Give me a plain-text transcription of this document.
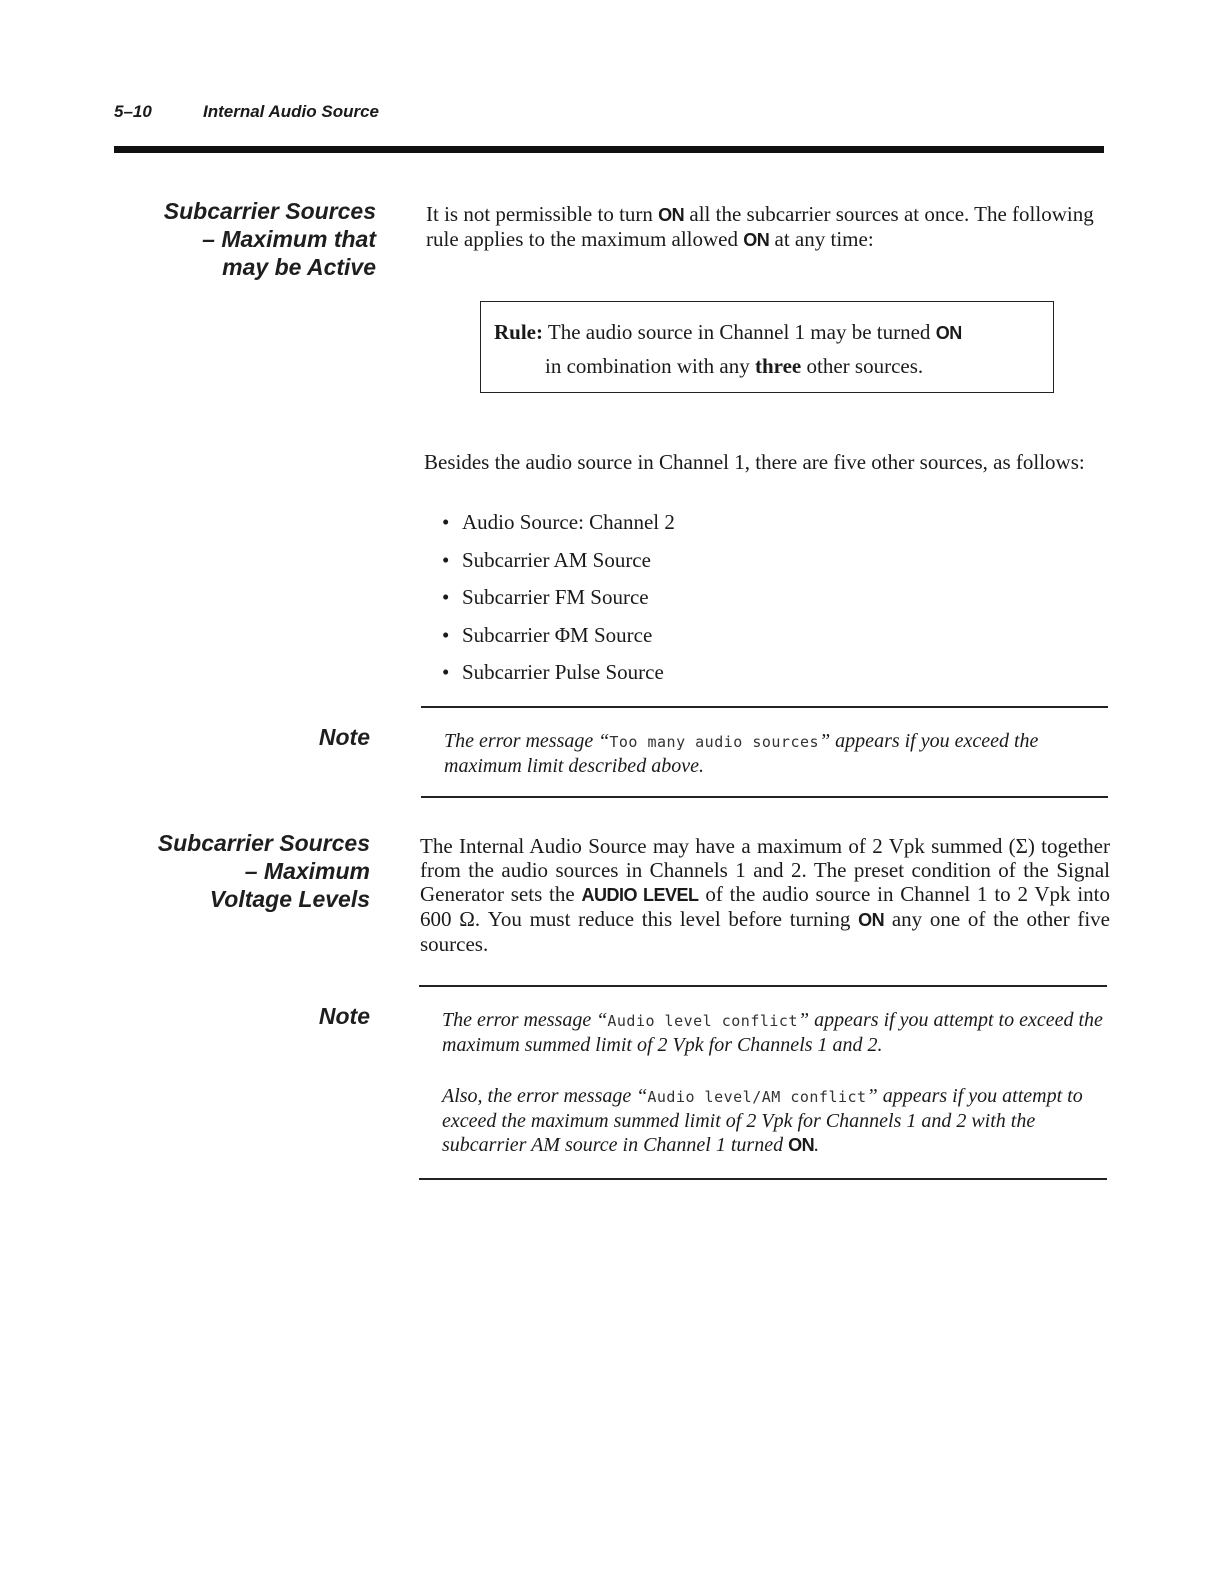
5–10	Internal Audio Source
Subcarrier Sources
– Maximum that
may be Active
It is not permissible to turn ON all the subcarrier sources at once. The following rule applies to the maximum allowed ON at any time:
Rule: The audio source in Channel 1 may be turned ON
in combination with any three other sources.
Besides the audio source in Channel 1, there are five other sources, as follows:
• Audio Source: Channel 2
• Subcarrier AM Source
• Subcarrier FM Source
• Subcarrier ΦM Source
• Subcarrier Pulse Source
Note	The error message “Too many audio sources” appears if you exceed the maximum limit described above.
Subcarrier Sources
– Maximum
Voltage Levels
The Internal Audio Source may have a maximum of 2 Vpk summed (Σ) together from the audio sources in Channels 1 and 2. The preset condition of the Signal Generator sets the AUDIO LEVEL of the audio source in Channel 1 to 2 Vpk into 600 Ω. You must reduce this level before turning ON any one of the other five sources.
Note	The error message “Audio level conflict” appears if you attempt to exceed the maximum summed limit of 2 Vpk for Channels 1 and 2.
Also, the error message “Audio level/AM conflict” appears if you attempt to exceed the maximum summed limit of 2 Vpk for Channels 1 and 2 with the subcarrier AM source in Channel 1 turned ON.
